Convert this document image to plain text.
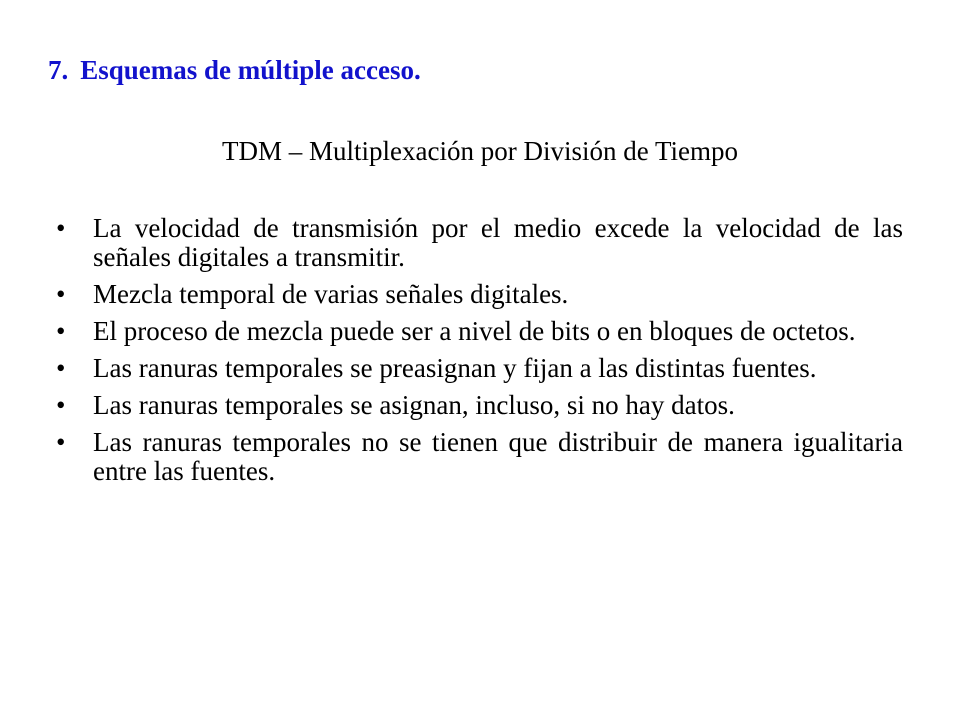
7. Esquemas de múltiple acceso.
TDM – Multiplexación por División de Tiempo
• La velocidad de transmisión por el medio excede la velocidad de las señales digitales a transmitir.
• Mezcla temporal de varias señales digitales.
• El proceso de mezcla puede ser a nivel de bits o en bloques de octetos.
• Las ranuras temporales se preasignan y fijan a las distintas fuentes.
• Las ranuras temporales se asignan, incluso, si no hay datos.
• Las ranuras temporales no se tienen que distribuir de manera igualitaria entre las fuentes.
